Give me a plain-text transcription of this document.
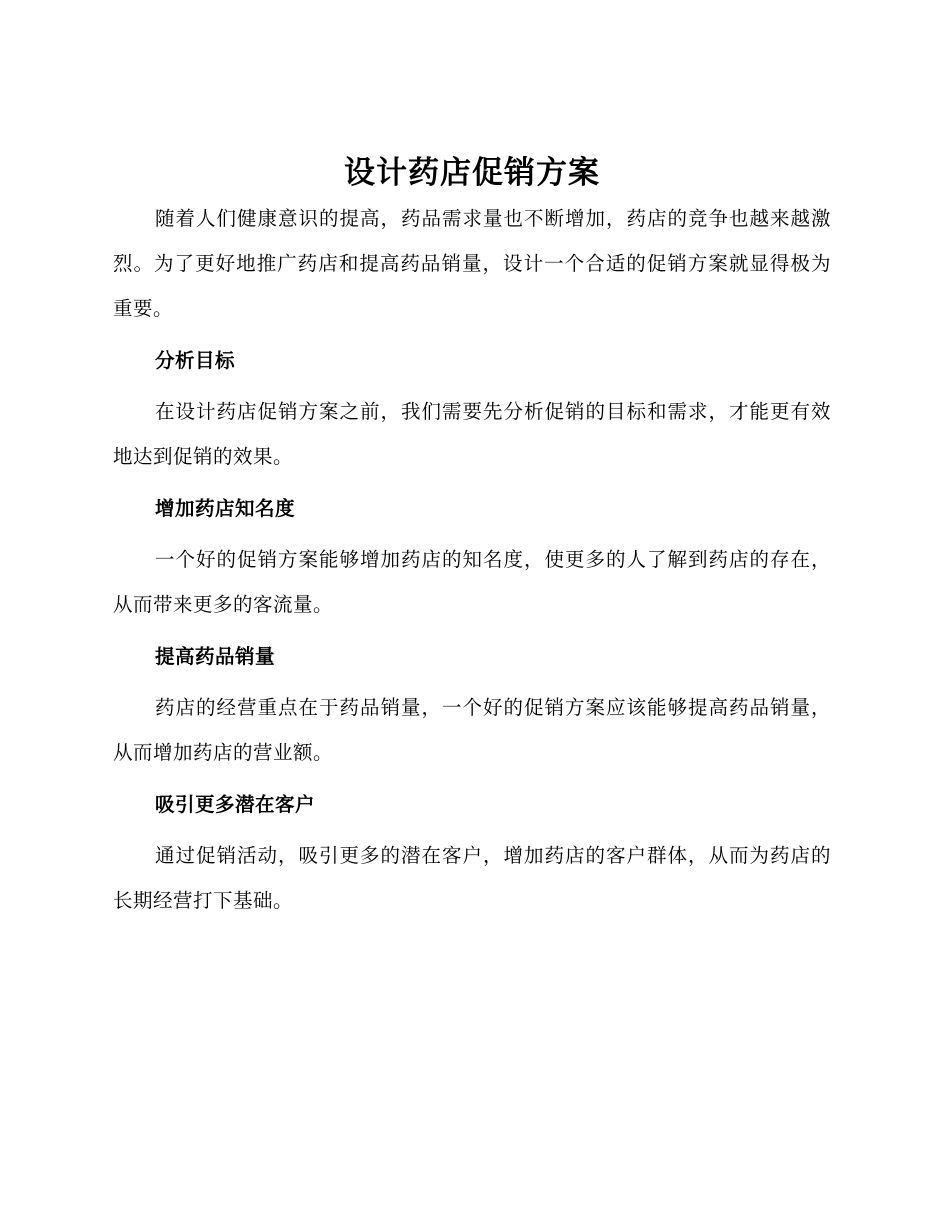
设计药店促销方案

随着人们健康意识的提高，药品需求量也不断增加，药店的竞争也越来越激烈。为了更好地推广药店和提高药品销量，设计一个合适的促销方案就显得极为重要。

分析目标

在设计药店促销方案之前，我们需要先分析促销的目标和需求，才能更有效地达到促销的效果。

增加药店知名度

一个好的促销方案能够增加药店的知名度，使更多的人了解到药店的存在，从而带来更多的客流量。

提高药品销量

药店的经营重点在于药品销量，一个好的促销方案应该能够提高药品销量，从而增加药店的营业额。

吸引更多潜在客户

通过促销活动，吸引更多的潜在客户，增加药店的客户群体，从而为药店的长期经营打下基础。
